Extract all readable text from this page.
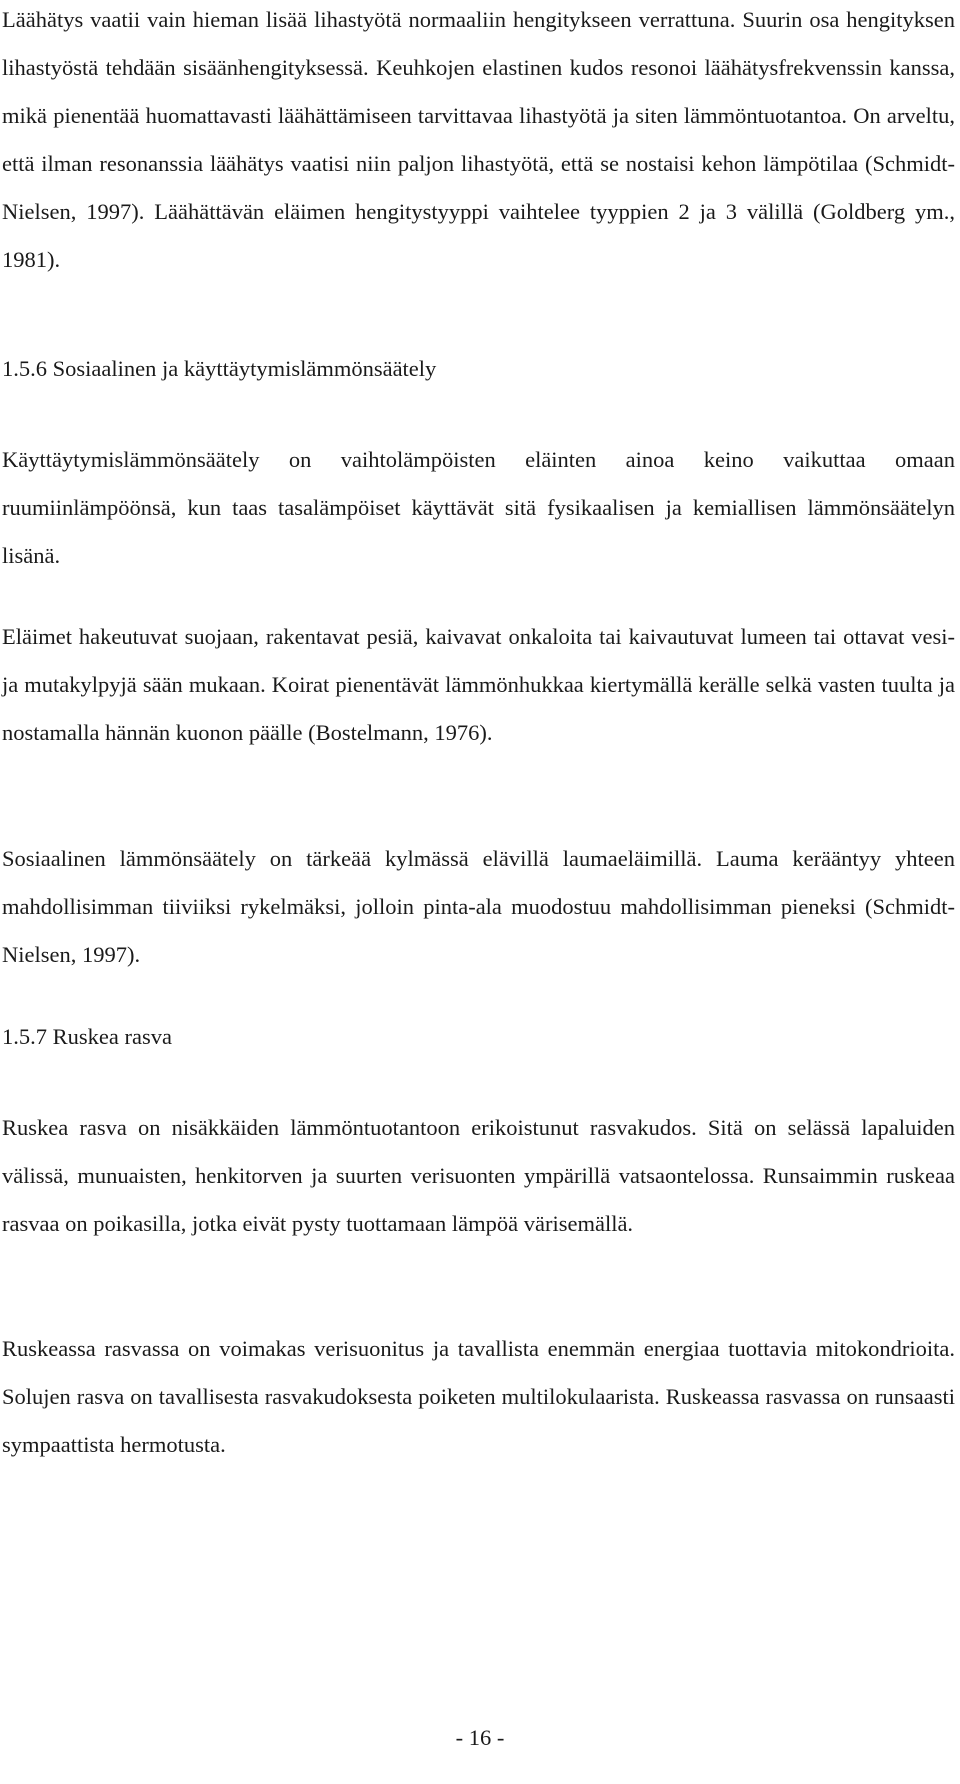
Läähätys vaatii vain hieman lisää lihastyötä normaaliin hengitykseen verrattuna. Suurin osa hengityksen lihastyöstä tehdään sisäänhengityksessä. Keuhkojen elastinen kudos resonoi läähätysfrekvenssin kanssa, mikä pienentää huomattavasti läähättämiseen tarvittavaa lihastyötä ja siten lämmöntuotantoa. On arveltu, että ilman resonanssia läähätys vaatisi niin paljon lihastyötä, että se nostaisi kehon lämpötilaa (Schmidt-Nielsen, 1997). Läähättävän eläimen hengitystyyppi vaihtelee tyyppien 2 ja 3 välillä (Goldberg ym., 1981).

1.5.6 Sosiaalinen ja käyttäytymislämmönsäätely

Käyttäytymislämmönsäätely on vaihtolämpöisten eläinten ainoa keino vaikuttaa omaan ruumiinlämpöönsä, kun taas tasalämpöiset käyttävät sitä fysikaalisen ja kemiallisen lämmönsäätelyn lisänä.

Eläimet hakeutuvat suojaan, rakentavat pesiä, kaivavat onkaloita tai kaivautuvat lumeen tai ottavat vesi- ja mutakylpyjä sään mukaan. Koirat pienentävät lämmönhukkaa kiertymällä kerälle selkä vasten tuulta ja nostamalla hännän kuonon päälle (Bostelmann, 1976).

Sosiaalinen lämmönsäätely on tärkeää kylmässä elävillä laumaeläimillä. Lauma kerääntyy yhteen mahdollisimman tiiviiksi rykelmäksi, jolloin pinta-ala muodostuu mahdollisimman pieneksi (Schmidt-Nielsen, 1997).

1.5.7 Ruskea rasva

Ruskea rasva on nisäkkäiden lämmöntuotantoon erikoistunut rasvakudos. Sitä on selässä lapaluiden välissä, munuaisten, henkitorven ja suurten verisuonten ympärillä vatsaontelossa. Runsaimmin ruskeaa rasvaa on poikasilla, jotka eivät pysty tuottamaan lämpöä värisemällä.

Ruskeassa rasvassa on voimakas verisuonitus ja tavallista enemmän energiaa tuottavia mitokondrioita. Solujen rasva on tavallisesta rasvakudoksesta poiketen multilokulaarista. Ruskeassa rasvassa on runsaasti sympaattista hermotusta.

- 16 -
